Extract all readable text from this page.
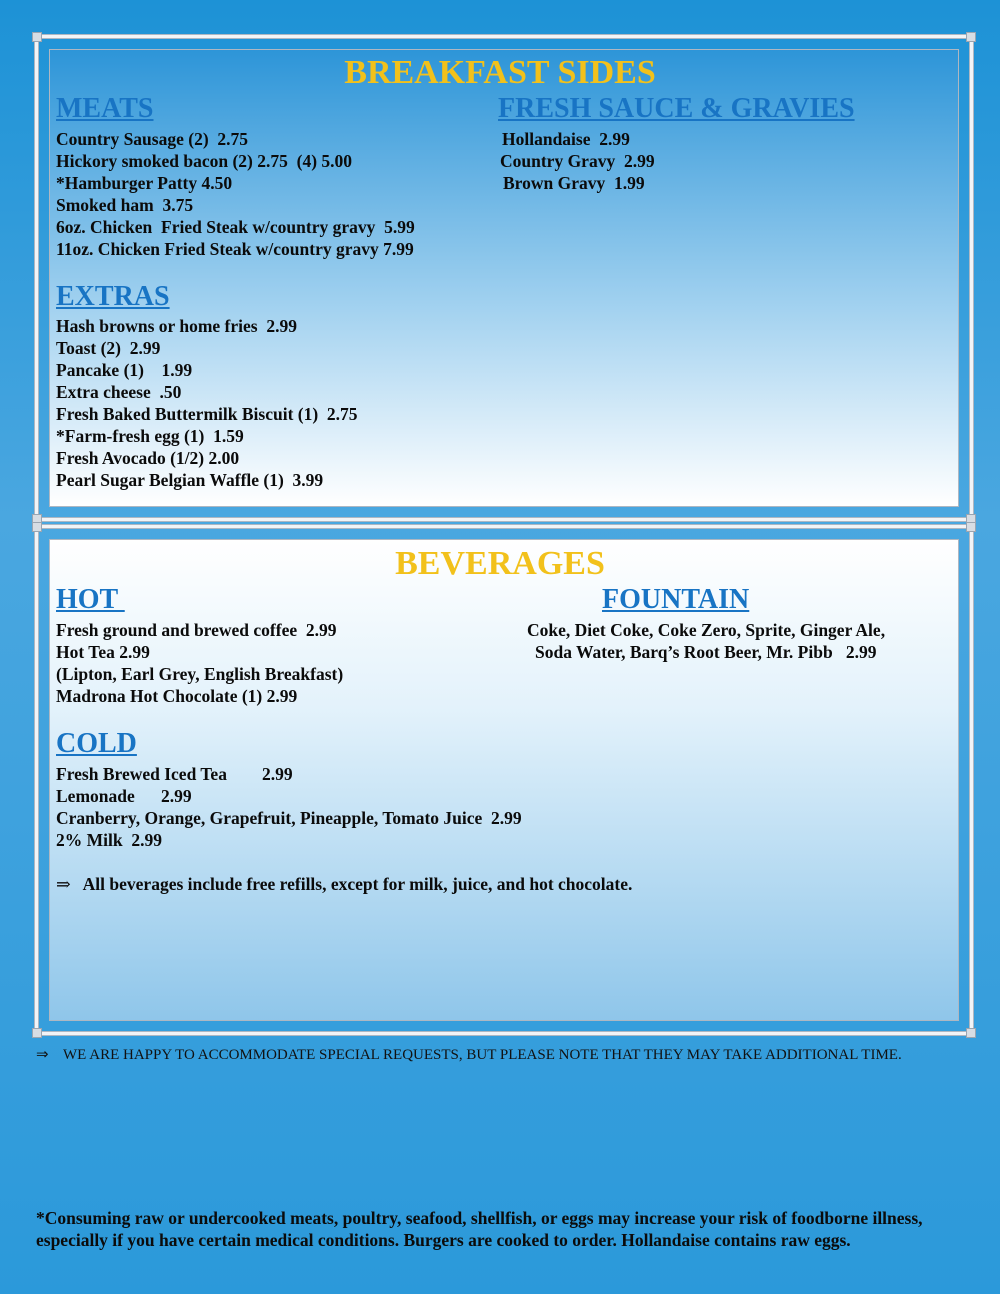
BREAKFAST SIDES
MEATS	FRESH SAUCE & GRAVIES
Country Sausage (2)  2.75
Hickory smoked bacon (2) 2.75  (4) 5.00
*Hamburger Patty 4.50
Smoked ham  3.75
6oz. Chicken  Fried Steak w/country gravy  5.99
11oz. Chicken Fried Steak w/country gravy 7.99
Hollandaise  2.99
Country Gravy  2.99
Brown Gravy  1.99
EXTRAS
Hash browns or home fries  2.99
Toast (2)  2.99
Pancake (1)    1.99
Extra cheese  .50
Fresh Baked Buttermilk Biscuit (1)  2.75
*Farm-fresh egg (1)  1.59
Fresh Avocado (1/2) 2.00
Pearl Sugar Belgian Waffle (1)  3.99
BEVERAGES
HOT	FOUNTAIN
Fresh ground and brewed coffee  2.99
Hot Tea 2.99
(Lipton, Earl Grey, English Breakfast)
Madrona Hot Chocolate (1) 2.99
Coke, Diet Coke, Coke Zero, Sprite, Ginger Ale,
Soda Water, Barq’s Root Beer, Mr. Pibb   2.99
COLD
Fresh Brewed Iced Tea        2.99
Lemonade      2.99
Cranberry, Orange, Grapefruit, Pineapple, Tomato Juice  2.99
2% Milk  2.99
⇒ All beverages include free refills, except for milk, juice, and hot chocolate.
⇒ WE ARE HAPPY TO ACCOMMODATE SPECIAL REQUESTS, BUT PLEASE NOTE THAT THEY MAY TAKE ADDITIONAL TIME.
*Consuming raw or undercooked meats, poultry, seafood, shellfish, or eggs may increase your risk of foodborne illness, especially if you have certain medical conditions. Burgers are cooked to order. Hollandaise contains raw eggs.
